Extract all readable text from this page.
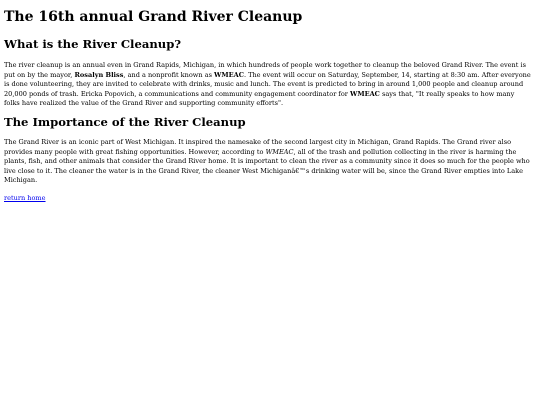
The 16th annual Grand River Cleanup
What is the River Cleanup?

The river cleanup is an annual even in Grand Rapids, Michigan, in which hundreds of people work together to cleanup the beloved Grand River. The event is
put on by the mayor, Rosalyn Bliss, and a nonprofit known as WMEAC. The event will occur on Saturday, September, 14, starting at 8:30 am. After everyone
is done volunteering, they are invited to celebrate with drinks, music and lunch. The event is predicted to bring in around 1,000 people and cleanup around
20,000 ponds of trash. Ericka Popovich, a communications and community engagement coordinator for WMEAC says that, "It really speaks to how many
folks have realized the value of the Grand River and supporting community efforts".

The Importance of the River Cleanup

The Grand River is an iconic part of West Michigan. It inspired the namesake of the second largest city in Michigan, Grand Rapids. The Grand river also
provides many people with great fishing opportunities. However, according to WMEAC, all of the trash and pollution collecting in the river is harming the
plants, fish, and other animals that consider the Grand River home. It is important to clean the river as a community since it does so much for the people who
live close to it. The cleaner the water is in the Grand River, the cleaner West Michiganâ€™s drinking water will be, since the Grand River empties into Lake
Michigan.

return home
